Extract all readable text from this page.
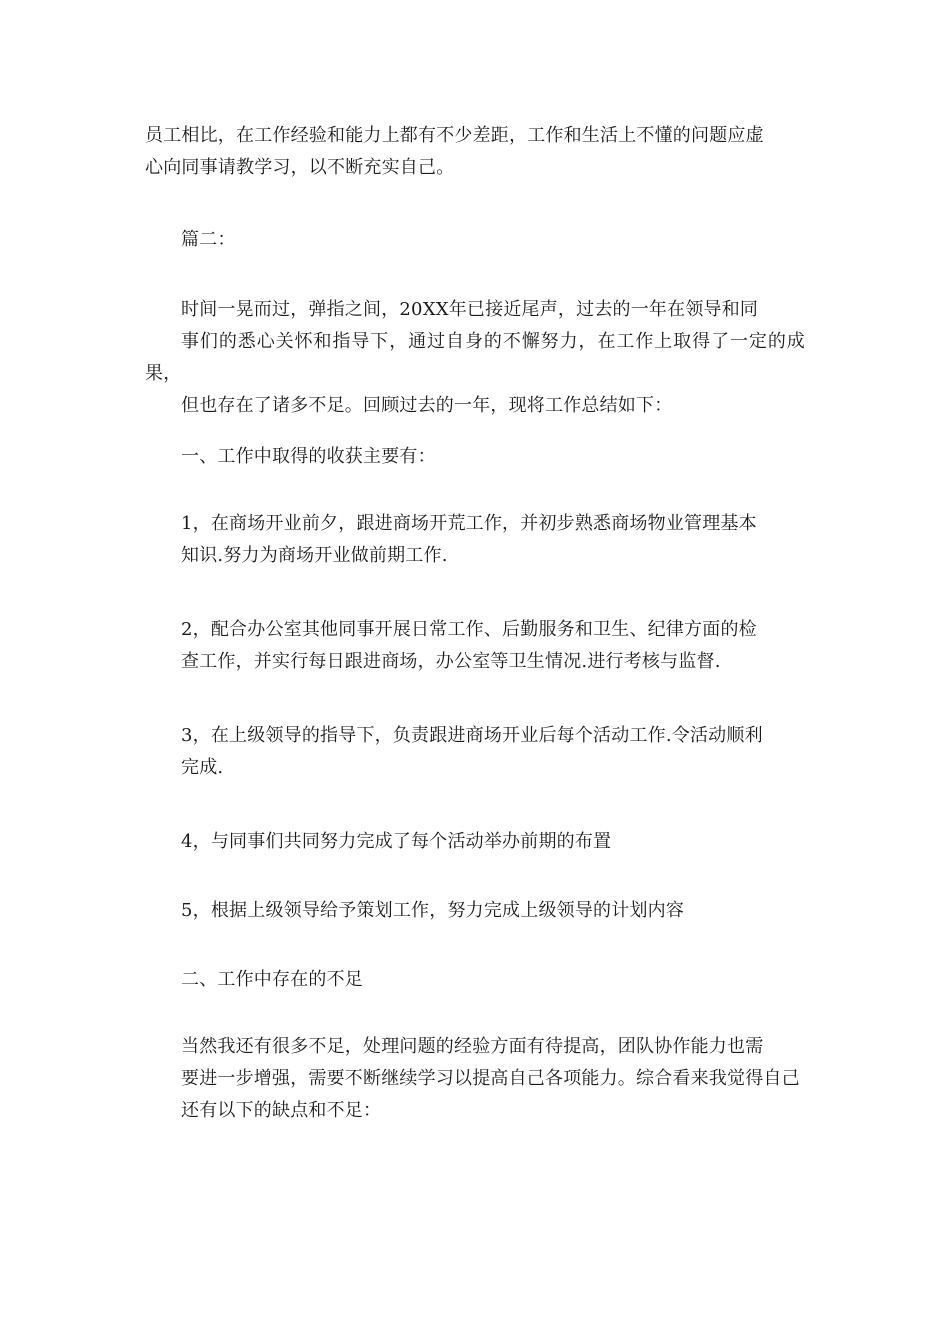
员工相比，在工作经验和能力上都有不少差距，工作和生活上不懂的问题应虚
心向同事请教学习，以不断充实自己。

篇二：

时间一晃而过，弹指之间，20XX年已接近尾声，过去的一年在领导和同
事们的悉心关怀和指导下，通过自身的不懈努力，在工作上取得了一定的成果，
但也存在了诸多不足。回顾过去的一年，现将工作总结如下：

一、工作中取得的收获主要有：

1，在商场开业前夕，跟进商场开荒工作，并初步熟悉商场物业管理基本
知识.努力为商场开业做前期工作.

2，配合办公室其他同事开展日常工作、后勤服务和卫生、纪律方面的检
查工作，并实行每日跟进商场，办公室等卫生情况.进行考核与监督.

3，在上级领导的指导下，负责跟进商场开业后每个活动工作.令活动顺利
完成.

4，与同事们共同努力完成了每个活动举办前期的布置

5，根据上级领导给予策划工作，努力完成上级领导的计划内容

二、工作中存在的不足

当然我还有很多不足，处理问题的经验方面有待提高，团队协作能力也需
要进一步增强，需要不断继续学习以提高自己各项能力。综合看来我觉得自己
还有以下的缺点和不足：
